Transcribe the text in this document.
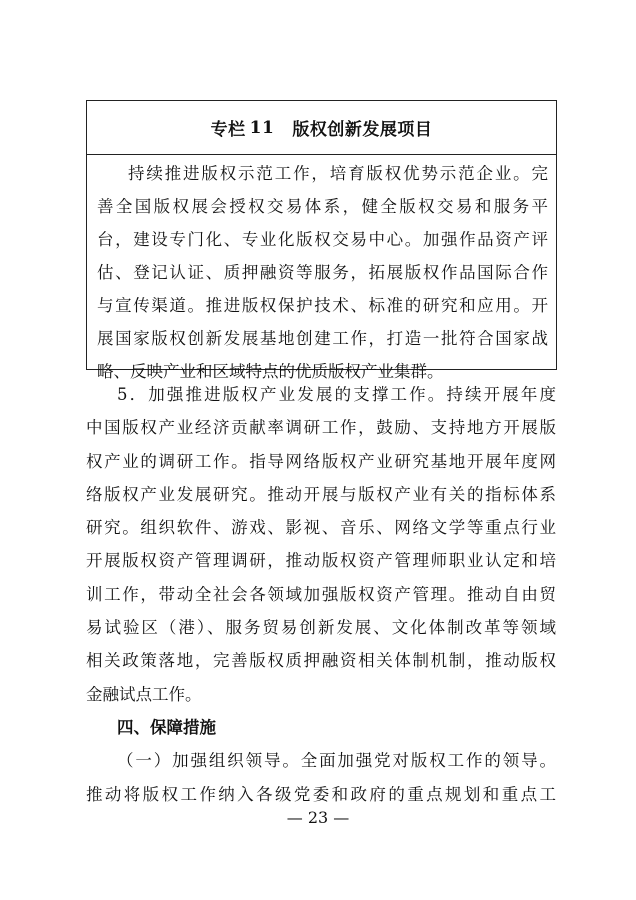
专栏 11 版权创新发展项目
持续推进版权示范工作，培育版权优势示范企业。完
善全国版权展会授权交易体系，健全版权交易和服务平
台，建设专门化、专业化版权交易中心。加强作品资产评
估、登记认证、质押融资等服务，拓展版权作品国际合作
与宣传渠道。推进版权保护技术、标准的研究和应用。开
展国家版权创新发展基地创建工作，打造一批符合国家战
略、反映产业和区域特点的优质版权产业集群。
5．加强推进版权产业发展的支撑工作。持续开展年度
中国版权产业经济贡献率调研工作，鼓励、支持地方开展版
权产业的调研工作。指导网络版权产业研究基地开展年度网
络版权产业发展研究。推动开展与版权产业有关的指标体系
研究。组织软件、游戏、影视、音乐、网络文学等重点行业
开展版权资产管理调研，推动版权资产管理师职业认定和培
训工作，带动全社会各领域加强版权资产管理。推动自由贸
易试验区（港）、服务贸易创新发展、文化体制改革等领域
相关政策落地，完善版权质押融资相关体制机制，推动版权
金融试点工作。
四、保障措施
（一）加强组织领导。全面加强党对版权工作的领导。
推动将版权工作纳入各级党委和政府的重点规划和重点工
— 23 —
